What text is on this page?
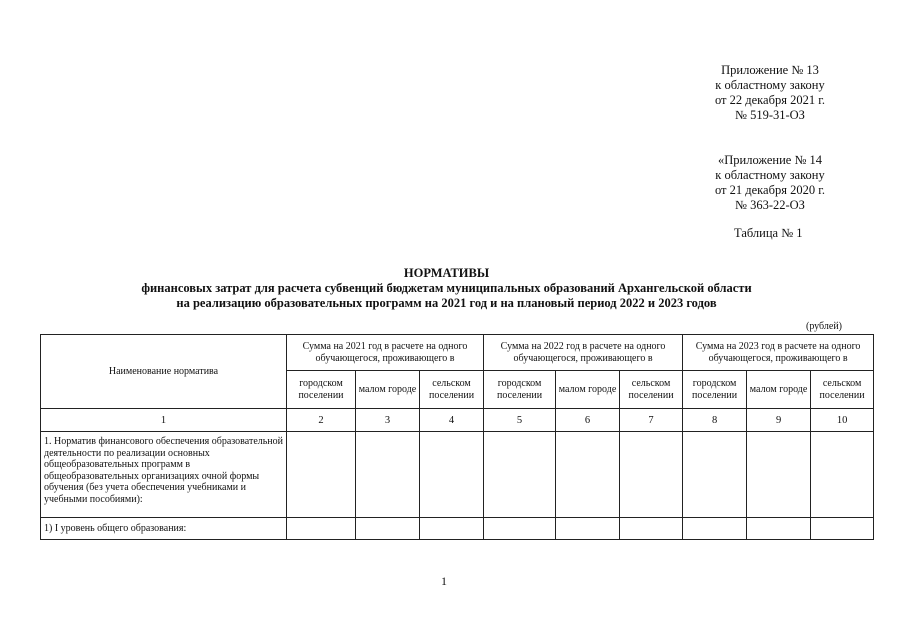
Приложение № 13
к областному закону
от 22 декабря 2021 г.
№ 519-31-ОЗ
«Приложение № 14
к областному закону
от 21 декабря 2020 г.
№ 363-22-ОЗ
Таблица № 1
НОРМАТИВЫ
финансовых затрат для расчета субвенций бюджетам муниципальных образований Архангельской области
на реализацию образовательных программ на 2021 год и на плановый период 2022 и 2023 годов
(рублей)
Наименование норматива	Сумма на 2021 год в расчете на одного обучающегося, проживающего в			Сумма на 2022 год в расчете на одного обучающегося, проживающего в			Сумма на 2023 год в расчете на одного обучающегося, проживающего в		
	городском поселении	малом городе	сельском поселении	городском поселении	малом городе	сельском поселении	городском поселении	малом городе	сельском поселении
1	2	3	4	5	6	7	8	9	10
1. Норматив финансового обеспечения образовательной деятельности по реализации основных общеобразовательных программ в общеобразовательных организациях очной формы обучения (без учета обеспечения учебниками и учебными пособиями):									
1) I уровень общего образования:									
1
